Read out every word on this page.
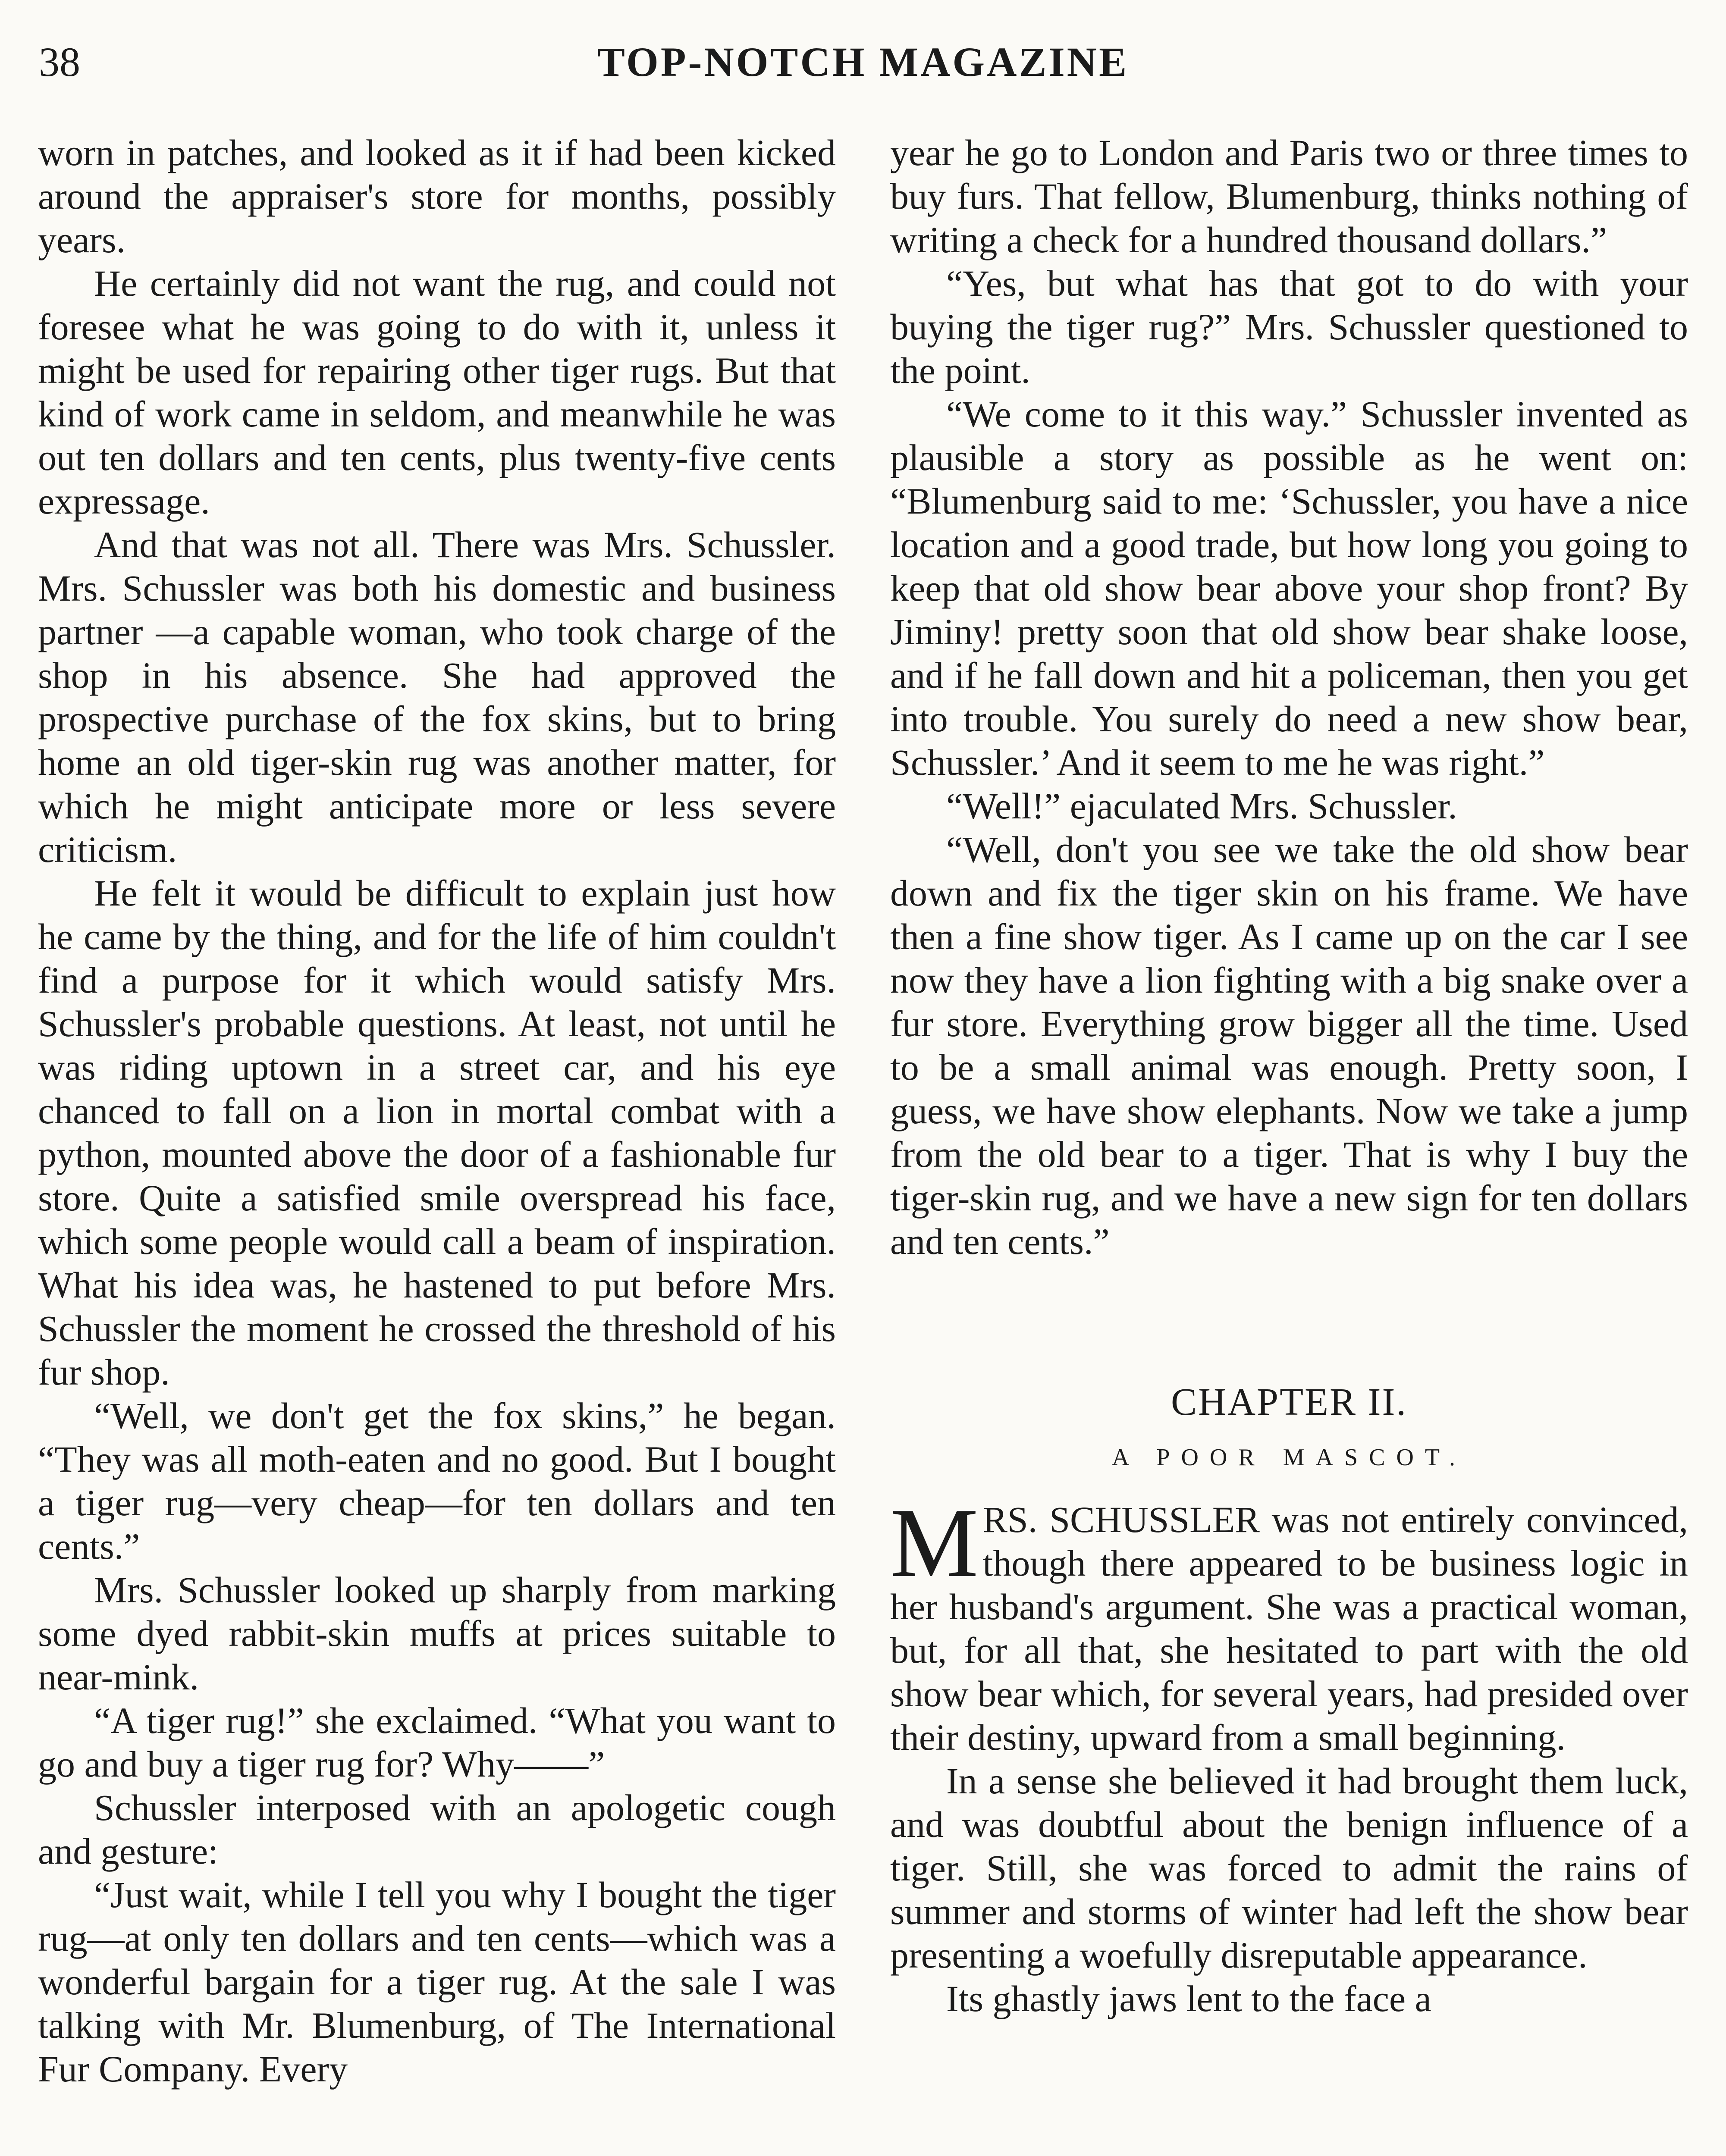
38	TOP-NOTCH MAGAZINE

worn in patches, and looked as it if had been kicked around the appraiser's store for months, possibly years.

He certainly did not want the rug, and could not foresee what he was going to do with it, unless it might be used for repairing other tiger rugs. But that kind of work came in seldom, and meanwhile he was out ten dollars and ten cents, plus twenty-five cents expressage.

And that was not all. There was Mrs. Schussler. Mrs. Schussler was both his domestic and business partner —a capable woman, who took charge of the shop in his absence. She had approved the prospective purchase of the fox skins, but to bring home an old tiger-skin rug was another matter, for which he might anticipate more or less severe criticism.

He felt it would be difficult to explain just how he came by the thing, and for the life of him couldn't find a purpose for it which would satisfy Mrs. Schussler's probable questions. At least, not until he was riding uptown in a street car, and his eye chanced to fall on a lion in mortal combat with a python, mounted above the door of a fashionable fur store. Quite a satisfied smile overspread his face, which some people would call a beam of inspiration. What his idea was, he hastened to put before Mrs. Schussler the moment he crossed the threshold of his fur shop.

“Well, we don't get the fox skins,” he began. “They was all moth-eaten and no good. But I bought a tiger rug—very cheap—for ten dollars and ten cents.”

Mrs. Schussler looked up sharply from marking some dyed rabbit-skin muffs at prices suitable to near-mink.

“A tiger rug!” she exclaimed. “What you want to go and buy a tiger rug for? Why——”

Schussler interposed with an apologetic cough and gesture:

“Just wait, while I tell you why I bought the tiger rug—at only ten dollars and ten cents—which was a wonderful bargain for a tiger rug. At the sale I was talking with Mr. Blumenburg, of The International Fur Company. Every

year he go to London and Paris two or three times to buy furs. That fellow, Blumenburg, thinks nothing of writing a check for a hundred thousand dollars.”

“Yes, but what has that got to do with your buying the tiger rug?” Mrs. Schussler questioned to the point.

“We come to it this way.” Schussler invented as plausible a story as possible as he went on: “Blumenburg said to me: ‘Schussler, you have a nice location and a good trade, but how long you going to keep that old show bear above your shop front? By Jiminy! pretty soon that old show bear shake loose, and if he fall down and hit a policeman, then you get into trouble. You surely do need a new show bear, Schussler.’ And it seem to me he was right.”

“Well!” ejaculated Mrs. Schussler.

“Well, don't you see we take the old show bear down and fix the tiger skin on his frame. We have then a fine show tiger. As I came up on the car I see now they have a lion fighting with a big snake over a fur store. Everything grow bigger all the time. Used to be a small animal was enough. Pretty soon, I guess, we have show elephants. Now we take a jump from the old bear to a tiger. That is why I buy the tiger-skin rug, and we have a new sign for ten dollars and ten cents.”

CHAPTER II.
A POOR MASCOT.

MRS. SCHUSSLER was not entirely convinced, though there appeared to be business logic in her husband's argument. She was a practical woman, but, for all that, she hesitated to part with the old show bear which, for several years, had presided over their destiny, upward from a small beginning.

In a sense she believed it had brought them luck, and was doubtful about the benign influence of a tiger. Still, she was forced to admit the rains of summer and storms of winter had left the show bear presenting a woefully disreputable appearance.

Its ghastly jaws lent to the face a
